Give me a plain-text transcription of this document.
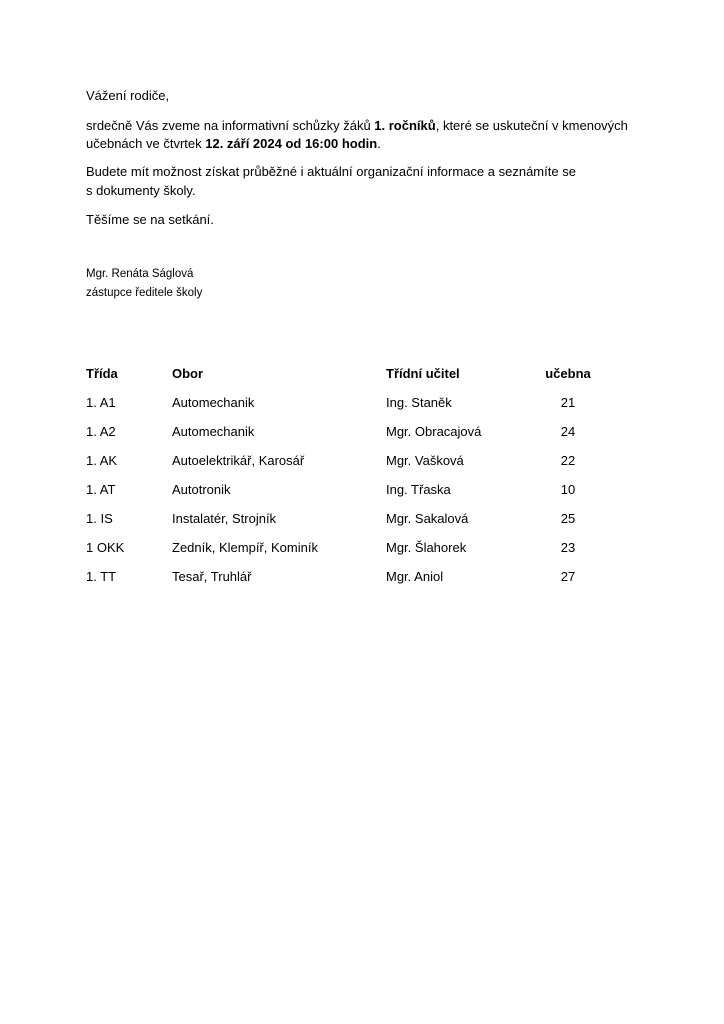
Vážení rodiče,

srdečně Vás zveme na informativní schůzky žáků 1. ročníků, které se uskuteční v kmenových

učebnách ve čtvrtek 12. září 2024 od 16:00 hodin.

Budete mít možnost získat průběžné i aktuální organizační informace a seznámíte se

s dokumenty školy.

Těšíme se na setkání.

Mgr. Renáta Ságlová

zástupce ředitele školy

Třída	Obor	Třídní učitel	učebna
1. A1	Automechanik	Ing. Staněk	21
1. A2	Automechanik	Mgr. Obracajová	24
1. AK	Autoelektrikář, Karosář	Mgr. Vašková	22
1. AT	Autotronik	Ing. Třaska	10
1. IS	Instalatér, Strojník	Mgr. Sakalová	25
1 OKK	Zedník, Klempíř, Kominík	Mgr. Šlahorek	23
1. TT	Tesař, Truhlář	Mgr. Aniol	27
